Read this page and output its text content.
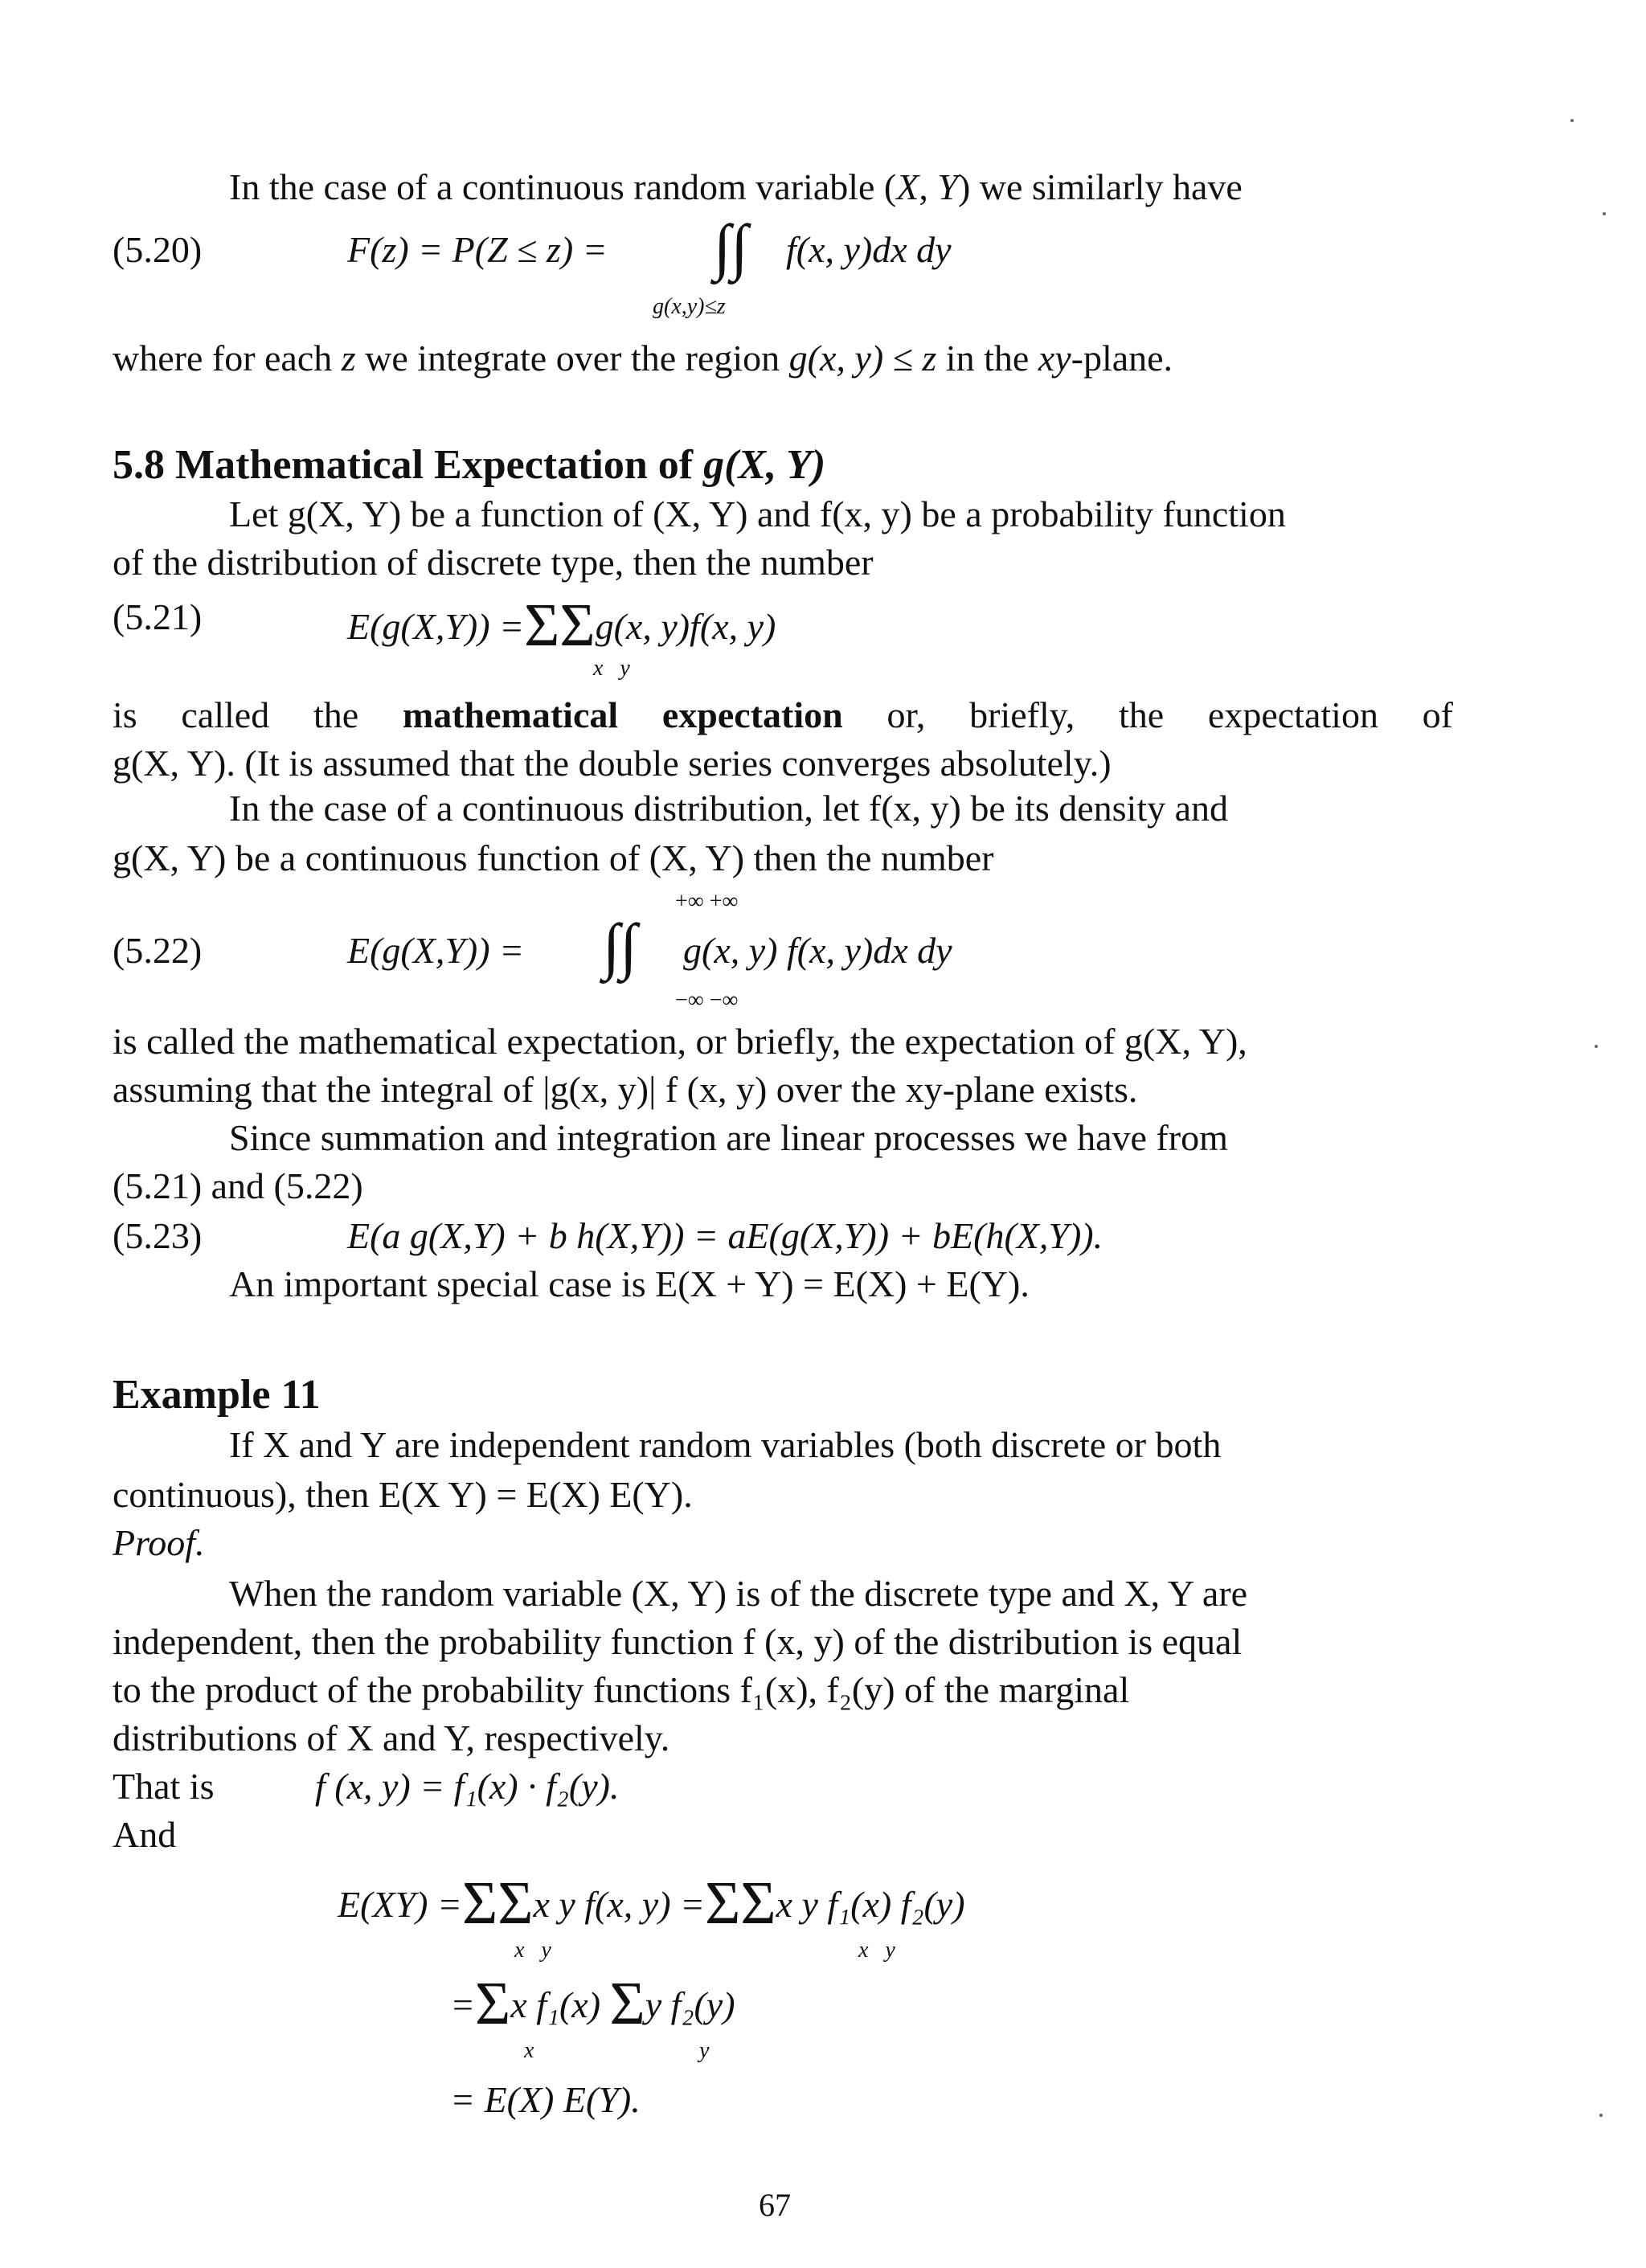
In the case of a continuous random variable (X, Y) we similarly have
(5.20)	F(z) = P(Z ≤ z) = ∫∫ f(x, y)dx dy
g(x,y)≤z
where for each z we integrate over the region g(x, y) ≤ z in the xy-plane.
5.8 Mathematical Expectation of g(X, Y)
Let g(X, Y) be a function of (X, Y) and f(x, y) be a probability function
of the distribution of discrete type, then the number
(5.21)	E(g(X,Y)) =ΣΣg(x, y)f(x, y)
x   y
is called the mathematical expectation or, briefly, the expectation of
g(X, Y). (It is assumed that the double series converges absolutely.)
In the case of a continuous distribution, let f(x, y) be its density and
g(X, Y) be a continuous function of (X, Y) then the number
+∞ +∞
(5.22)	E(g(X,Y)) = ∫∫ g(x, y) f(x, y)dx dy
−∞ −∞
is called the mathematical expectation, or briefly, the expectation of g(X, Y),
assuming that the integral of |g(x, y)| f (x, y) over the xy-plane exists.
Since summation and integration are linear processes we have from
(5.21) and (5.22)
(5.23)	E(a g(X,Y) + b h(X,Y)) = aE(g(X,Y)) + bE(h(X,Y)).
An important special case is E(X + Y) = E(X) + E(Y).
Example 11
If X and Y are independent random variables (both discrete or both
continuous), then E(X Y) = E(X) E(Y).
Proof.
When the random variable (X, Y) is of the discrete type and X, Y are
independent, then the probability function f (x, y) of the distribution is equal
to the product of the probability functions f₁(x), f₂(y) of the marginal
distributions of X and Y, respectively.
That is	f (x, y) = f₁(x) · f₂(y).
And
E(XY) =ΣΣx y f(x, y) =ΣΣx y f₁(x) f₂(y)
x   y	x   y
=Σx f₁(x) Σy f₂(y)
x	y
= E(X) E(Y).
67
